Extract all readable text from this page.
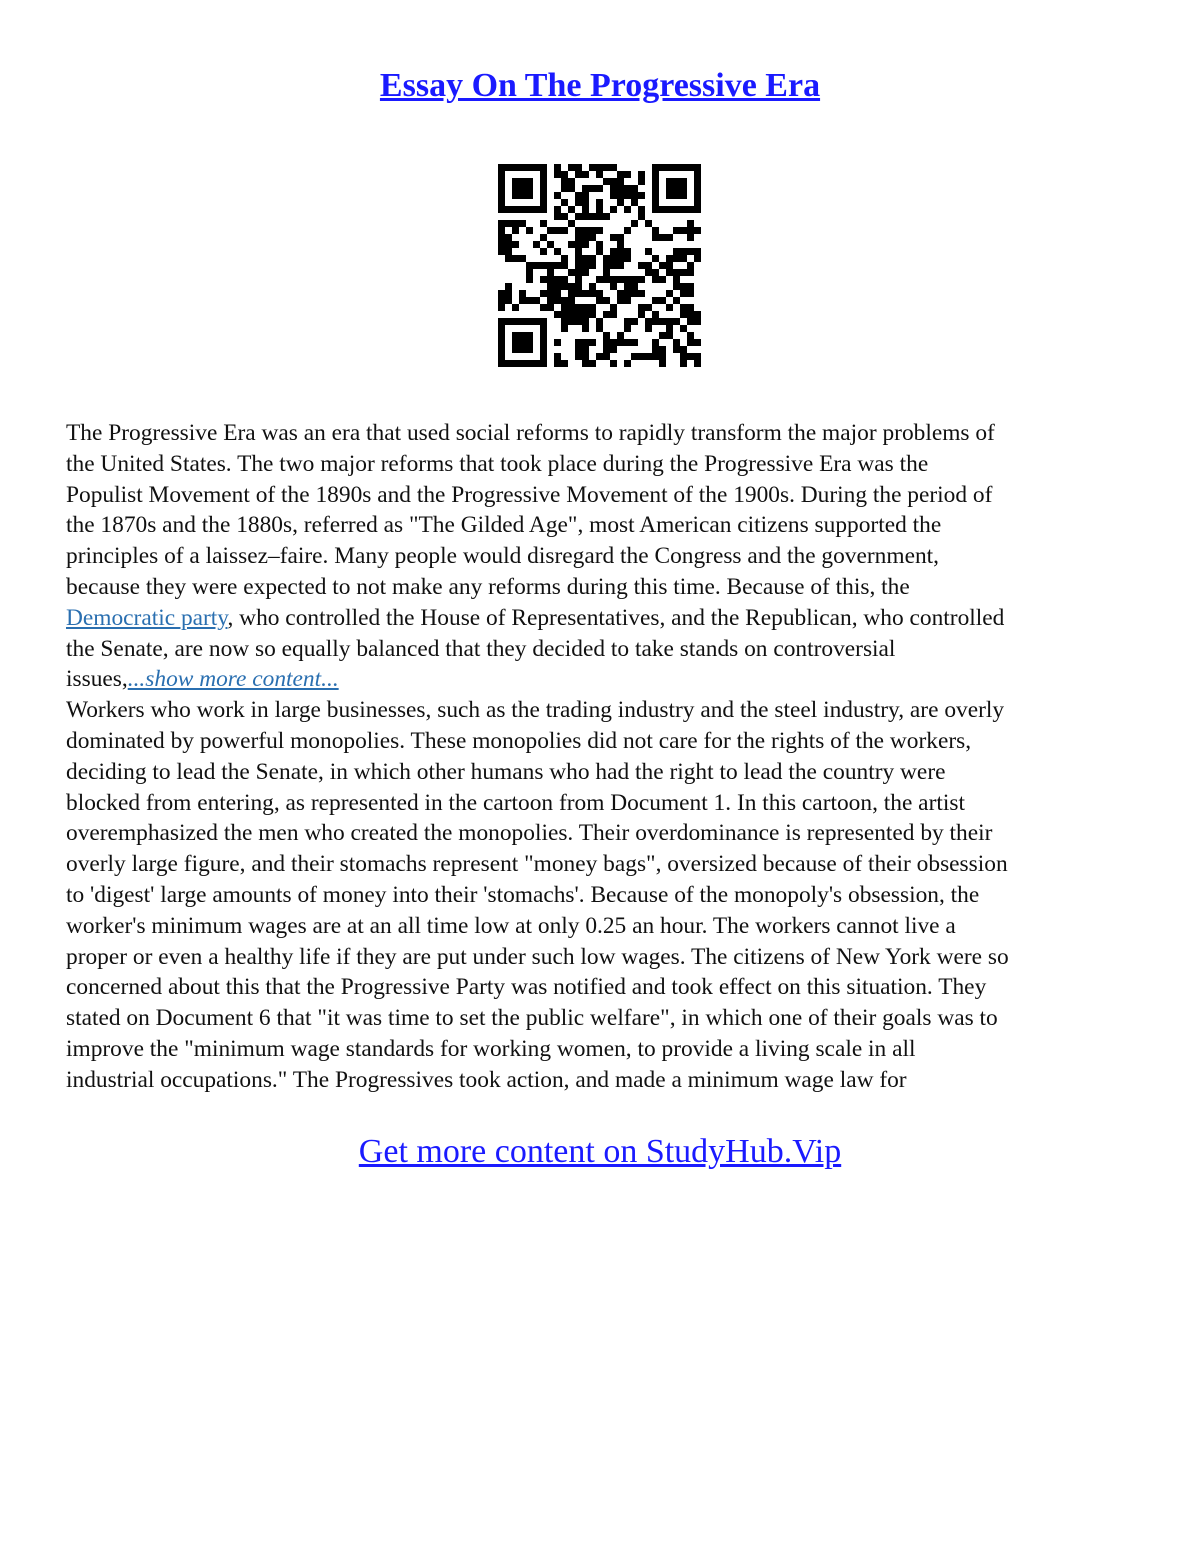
Essay On The Progressive Era

The Progressive Era was an era that used social reforms to rapidly transform the major problems of
the United States. The two major reforms that took place during the Progressive Era was the
Populist Movement of the 1890s and the Progressive Movement of the 1900s. During the period of
the 1870s and the 1880s, referred as "The Gilded Age", most American citizens supported the
principles of a laissez–faire. Many people would disregard the Congress and the government,
because they were expected to not make any reforms during this time. Because of this, the
Democratic party, who controlled the House of Representatives, and the Republican, who controlled
the Senate, are now so equally balanced that they decided to take stands on controversial
issues,...show more content...

Workers who work in large businesses, such as the trading industry and the steel industry, are overly
dominated by powerful monopolies. These monopolies did not care for the rights of the workers,
deciding to lead the Senate, in which other humans who had the right to lead the country were
blocked from entering, as represented in the cartoon from Document 1. In this cartoon, the artist
overemphasized the men who created the monopolies. Their overdominance is represented by their
overly large figure, and their stomachs represent "money bags", oversized because of their obsession
to 'digest' large amounts of money into their 'stomachs'. Because of the monopoly's obsession, the
worker's minimum wages are at an all time low at only 0.25 an hour. The workers cannot live a
proper or even a healthy life if they are put under such low wages. The citizens of New York were so
concerned about this that the Progressive Party was notified and took effect on this situation. They
stated on Document 6 that "it was time to set the public welfare", in which one of their goals was to
improve the "minimum wage standards for working women, to provide a living scale in all
industrial occupations." The Progressives took action, and made a minimum wage law for

Get more content on StudyHub.Vip
